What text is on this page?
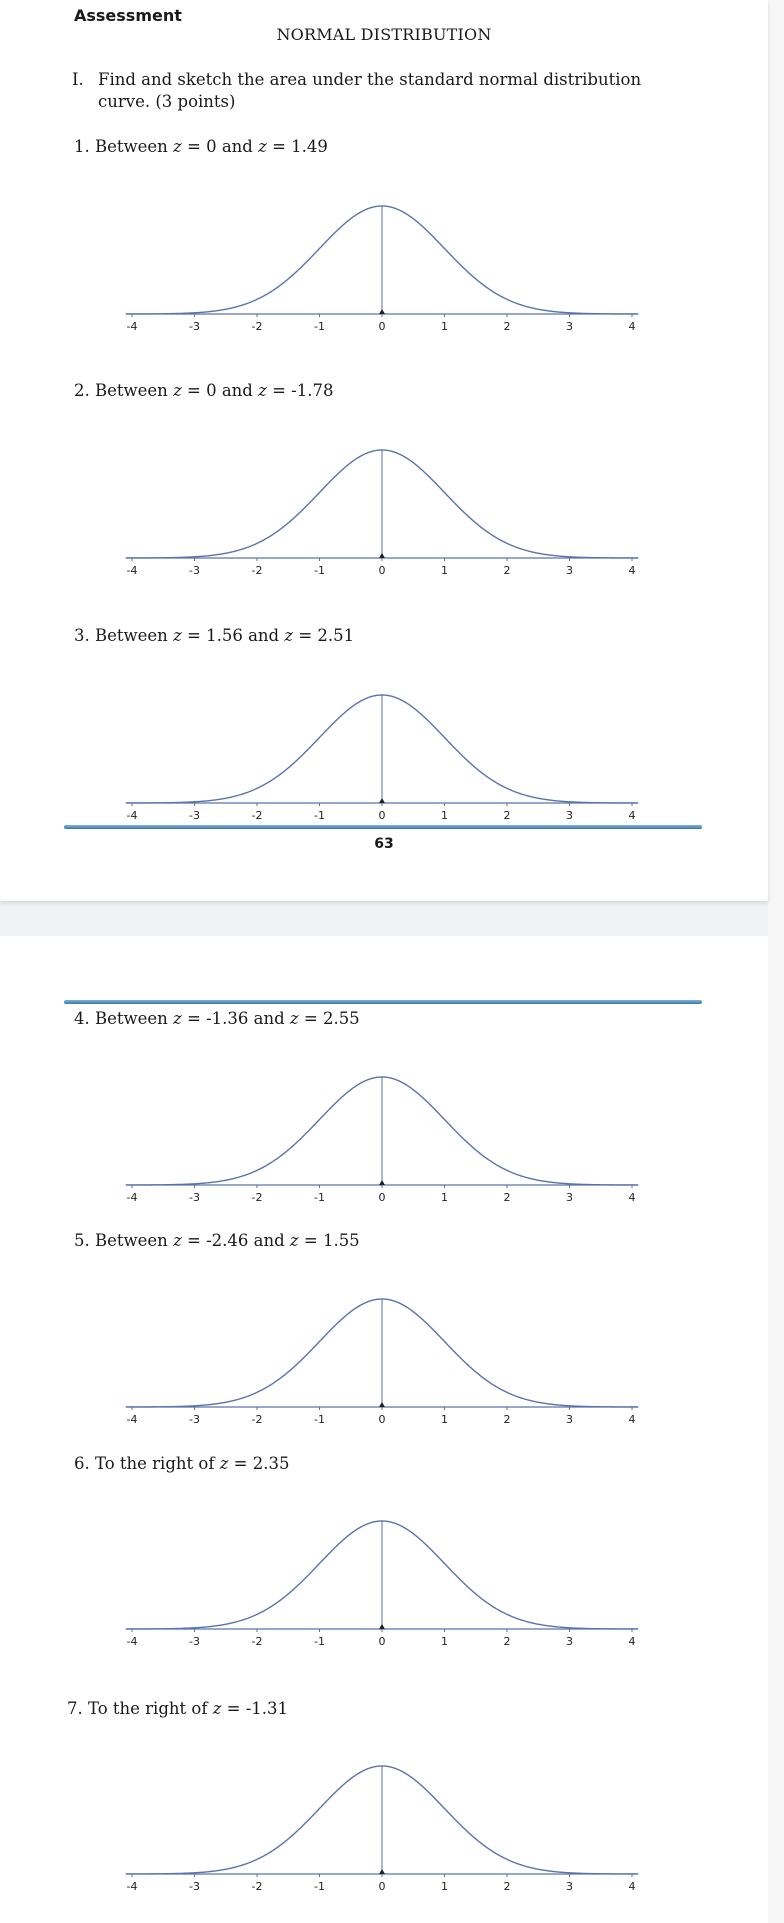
Assessment
NORMAL DISTRIBUTION
I. Find and sketch the area under the standard normal distribution
curve. (3 points)
1. Between z = 0 and z = 1.49
-4	-3	-2	-1	0	1	2	3	4
2. Between z = 0 and z = -1.78
-4	-3	-2	-1	0	1	2	3	4
3. Between z = 1.56 and z = 2.51
-4	-3	-2	-1	0	1	2	3	4
63
4. Between z = -1.36 and z = 2.55
-4	-3	-2	-1	0	1	2	3	4
5. Between z = -2.46 and z = 1.55
-4	-3	-2	-1	0	1	2	3	4
6. To the right of z = 2.35
-4	-3	-2	-1	0	1	2	3	4
7. To the right of z = -1.31
-4	-3	-2	-1	0	1	2	3	4
